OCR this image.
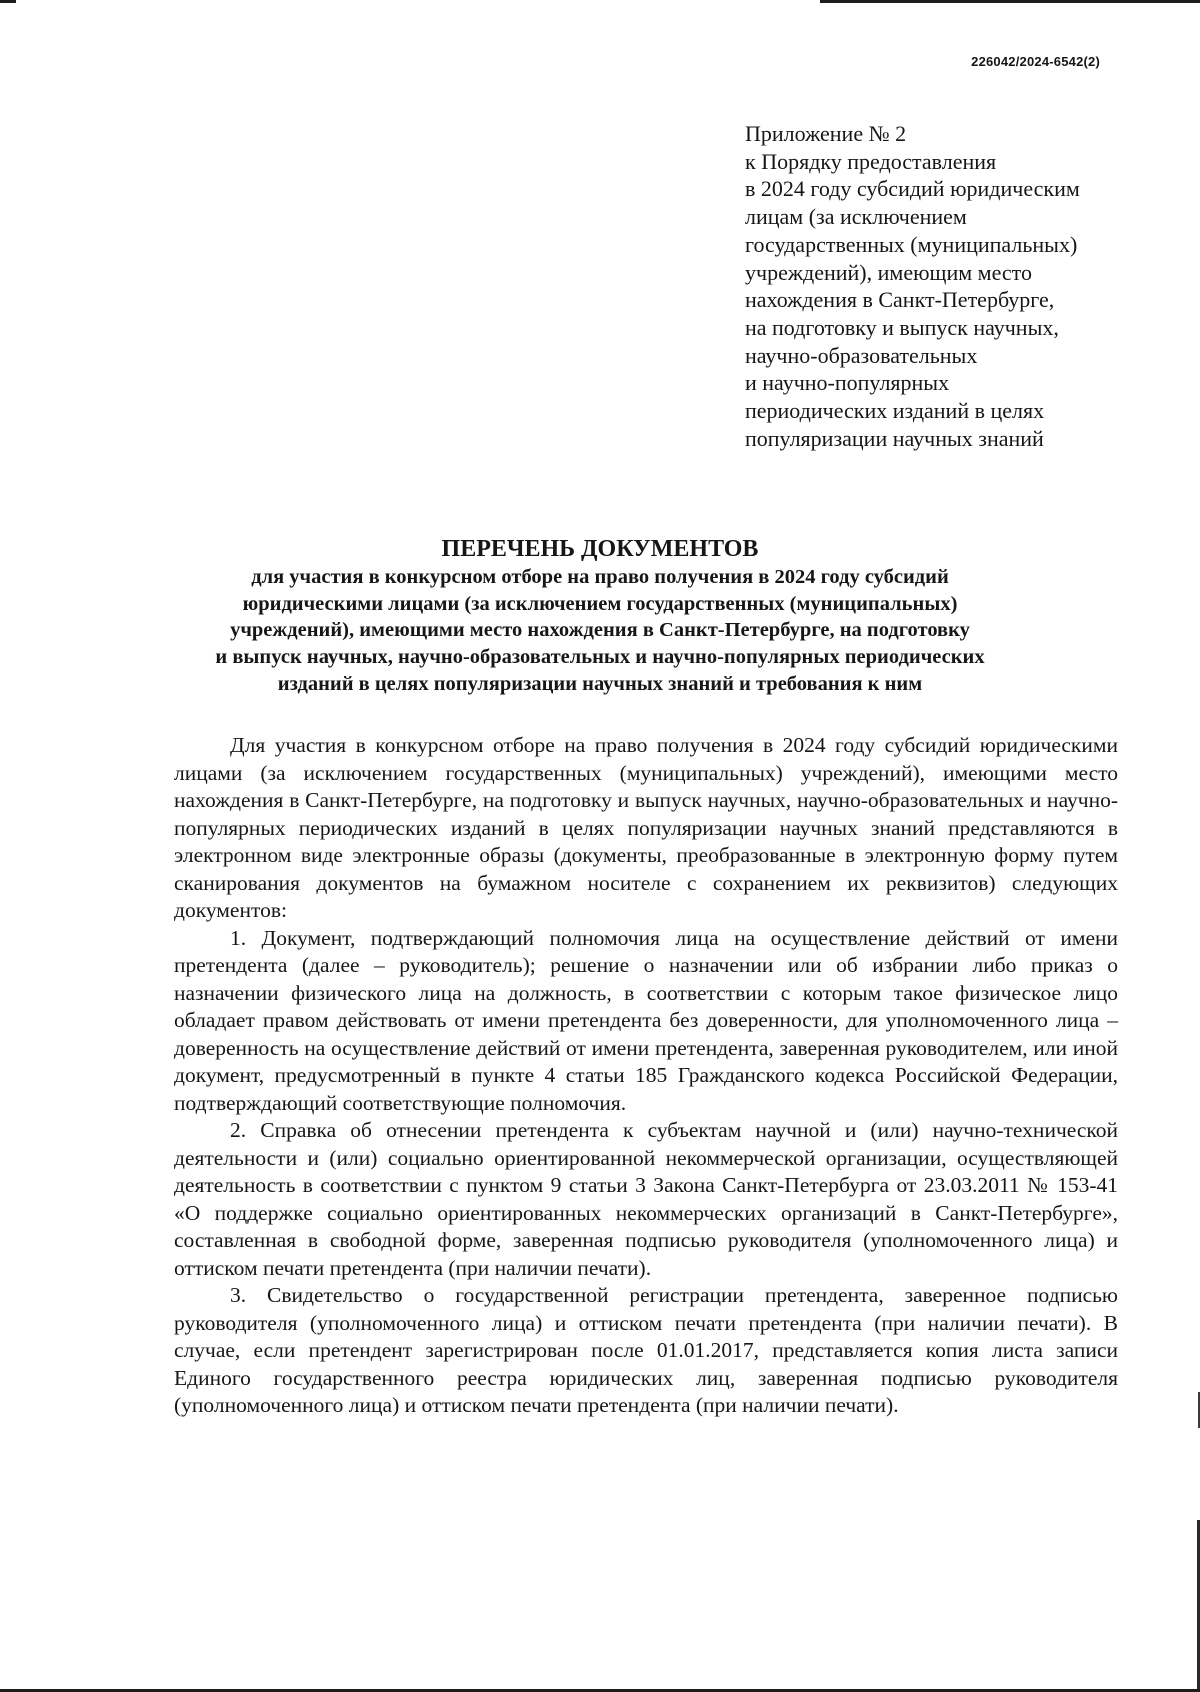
226042/2024-6542(2)
Приложение № 2
к Порядку предоставления
в 2024 году субсидий юридическим
лицам (за исключением
государственных (муниципальных)
учреждений), имеющим место
нахождения в Санкт-Петербурге,
на подготовку и выпуск научных,
научно-образовательных
и научно-популярных
периодических изданий в целях
популяризации научных знаний
ПЕРЕЧЕНЬ ДОКУМЕНТОВ
для участия в конкурсном отборе на право получения в 2024 году субсидий
юридическими лицами (за исключением государственных (муниципальных)
учреждений), имеющими место нахождения в Санкт-Петербурге, на подготовку
и выпуск научных, научно-образовательных и научно-популярных периодических
изданий в целях популяризации научных знаний и требования к ним

Для участия в конкурсном отборе на право получения в 2024 году субсидий юридическими лицами (за исключением государственных (муниципальных) учреждений), имеющими место нахождения в Санкт-Петербурге, на подготовку и выпуск научных, научно-образовательных и научно-популярных периодических изданий в целях популяризации научных знаний представляются в электронном виде электронные образы (документы, преобразованные в электронную форму путем сканирования документов на бумажном носителе с сохранением их реквизитов) следующих документов:

1. Документ, подтверждающий полномочия лица на осуществление действий от имени претендента (далее – руководитель); решение о назначении или об избрании либо приказ о назначении физического лица на должность, в соответствии с которым такое физическое лицо обладает правом действовать от имени претендента без доверенности, для уполномоченного лица – доверенность на осуществление действий от имени претендента, заверенная руководителем, или иной документ, предусмотренный в пункте 4 статьи 185 Гражданского кодекса Российской Федерации, подтверждающий соответствующие полномочия.

2. Справка об отнесении претендента к субъектам научной и (или) научно-технической деятельности и (или) социально ориентированной некоммерческой организации, осуществляющей деятельность в соответствии с пунктом 9 статьи 3 Закона Санкт-Петербурга от 23.03.2011 № 153-41 «О поддержке социально ориентированных некоммерческих организаций в Санкт-Петербурге», составленная в свободной форме, заверенная подписью руководителя (уполномоченного лица) и оттиском печати претендента (при наличии печати).

3. Свидетельство о государственной регистрации претендента, заверенное подписью руководителя (уполномоченного лица) и оттиском печати претендента (при наличии печати). В случае, если претендент зарегистрирован после 01.01.2017, представляется копия листа записи Единого государственного реестра юридических лиц, заверенная подписью руководителя (уполномоченного лица) и оттиском печати претендента (при наличии печати).
